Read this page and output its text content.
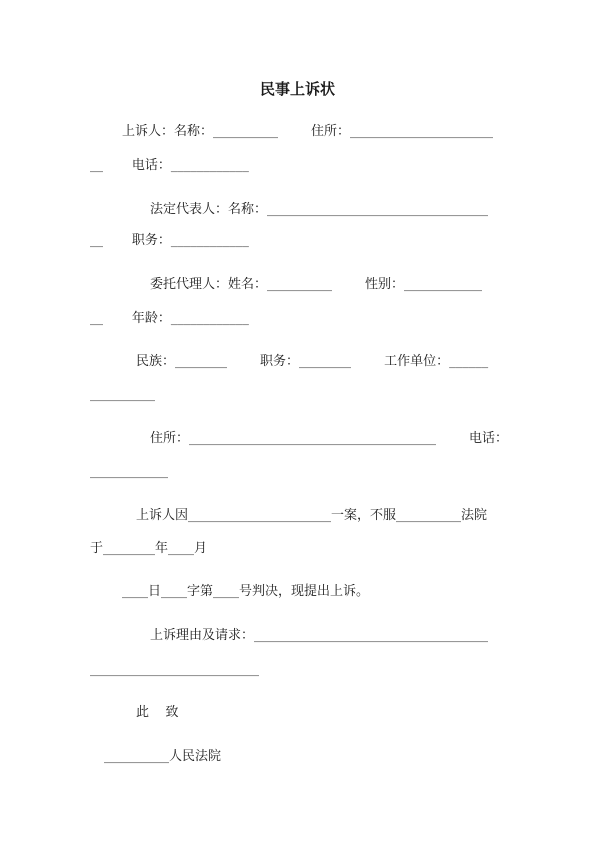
民事上诉状
上诉人：名称：__________        住所：______________________
__       电话：____________
法定代表人：名称：__________________________________
__       职务：____________
委托代理人：姓名：__________        性别：____________
__       年龄：____________
民族：________        职务：________        工作单位：______
__________
住所：______________________________________        电话：
____________
上诉人因______________________一案，不服__________法院
于________年____月
____日____字第____号判决，现提出上诉。
上诉理由及请求：____________________________________
__________________________
此    致
__________人民法院
